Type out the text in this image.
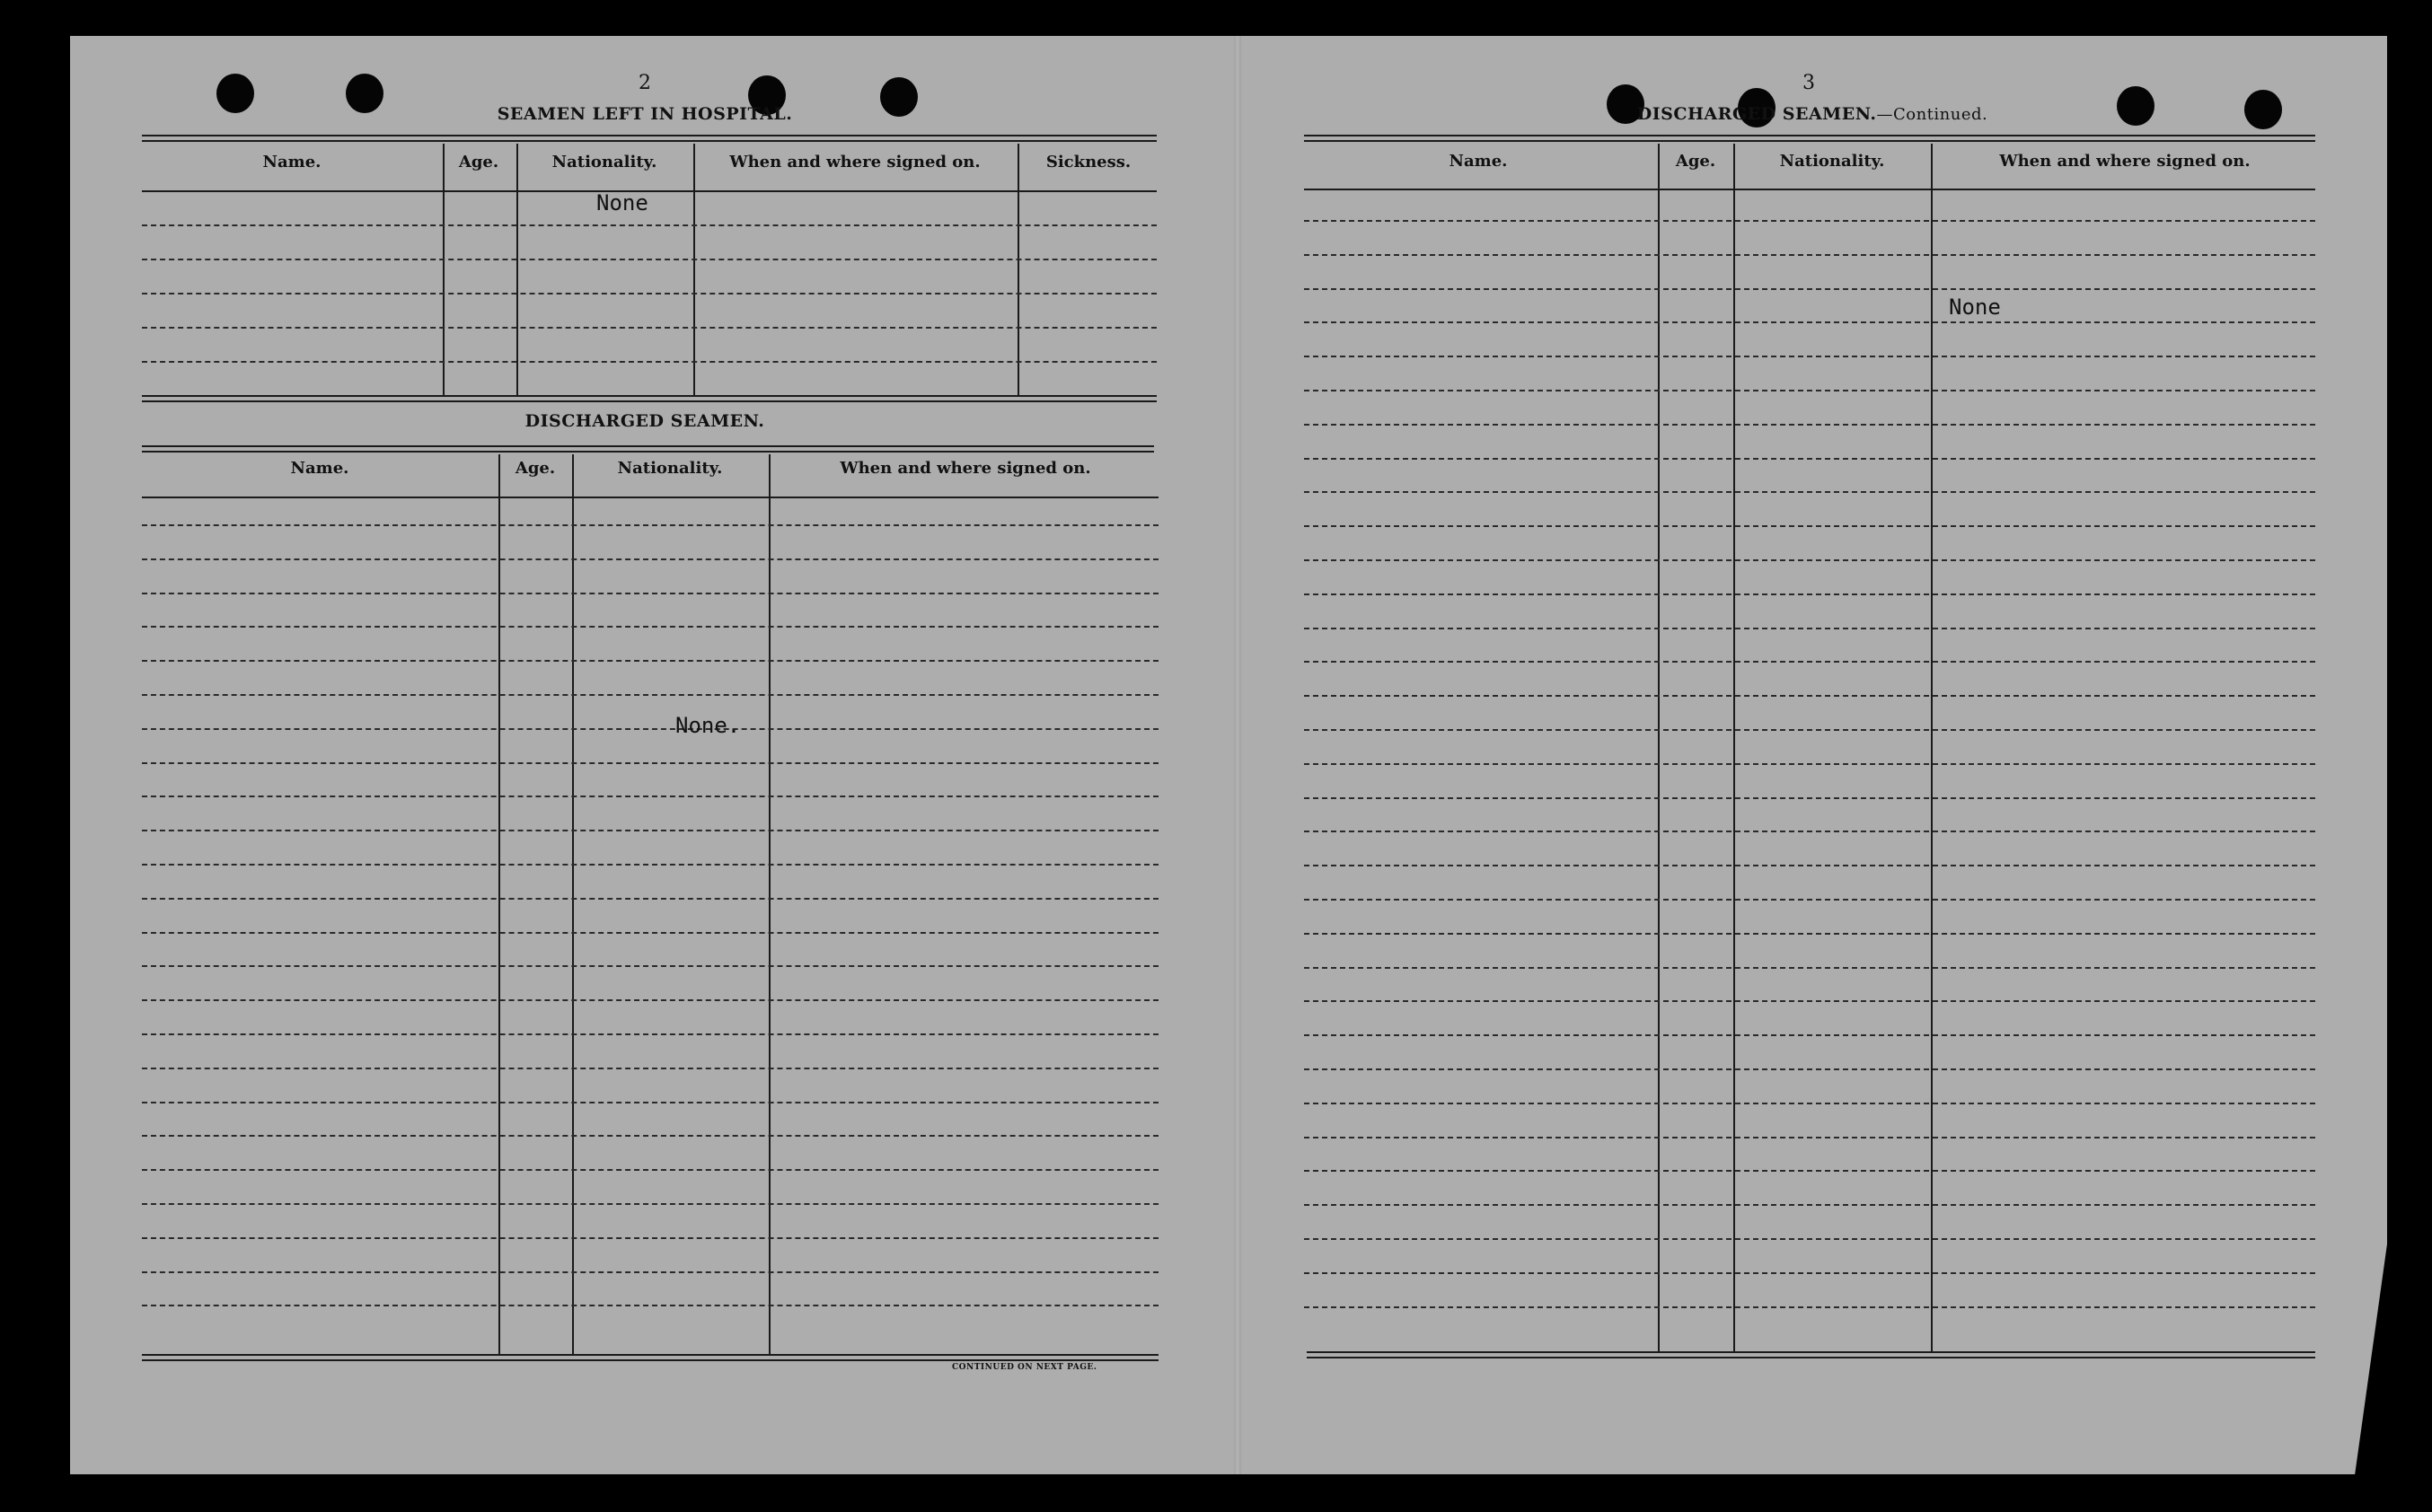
2
SEAMEN LEFT IN HOSPITAL.
Name.	Age.	Nationality.	When and where signed on.	Sickness.
None
DISCHARGED SEAMEN.
Name.	Age.	Nationality.	When and where signed on.
None.
CONTINUED ON NEXT PAGE.
3
DISCHARGED SEAMEN.—Continued.
Name.	Age.	Nationality.	When and where signed on.
None
